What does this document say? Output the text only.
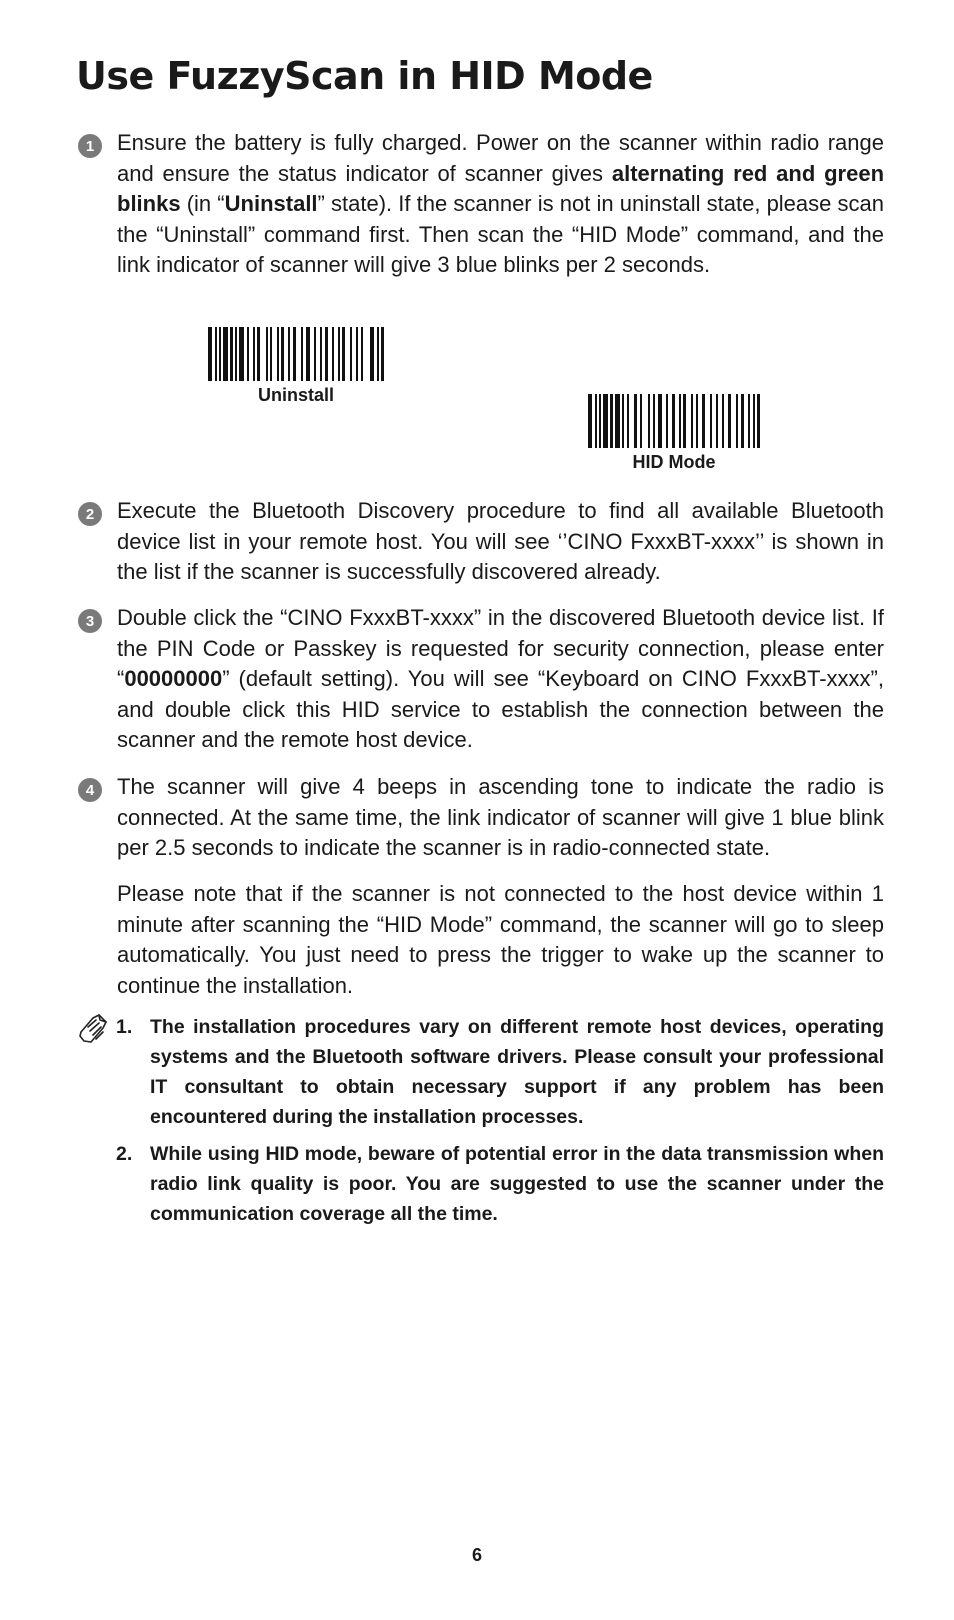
Use FuzzyScan in HID Mode
1	Ensure the battery is fully charged. Power on the scanner within radio range and ensure the status indicator of scanner gives alternating red and green blinks (in “Uninstall” state). If the scanner is not in uninstall state, please scan the “Uninstall” command first. Then scan the “HID Mode” command, and the link indicator of scanner will give 3 blue blinks per 2 seconds.

Uninstall
HID Mode
2	Execute the Bluetooth Discovery procedure to find all available Bluetooth device list in your remote host. You will see ‘’CINO FxxxBT-xxxx’’ is shown in the list if the scanner is successfully discovered already.

3	Double click the “CINO FxxxBT-xxxx” in the discovered Bluetooth device list. If the PIN Code or Passkey is requested for security connection, please enter “00000000” (default setting). You will see “Keyboard on CINO FxxxBT-xxxx”, and double click this HID service to establish the connection between the scanner and the remote host device.

4	The scanner will give 4 beeps in ascending tone to indicate the radio is connected. At the same time, the link indicator of scanner will give 1 blue blink per 2.5 seconds to indicate the scanner is in radio-connected state.

Please note that if the scanner is not connected to the host device within 1 minute after scanning the “HID Mode” command, the scanner will go to sleep automatically. You just need to press the trigger to wake up the scanner to continue the installation.

1. The installation procedures vary on different remote host devices, operating systems and the Bluetooth software drivers. Please consult your professional IT consultant to obtain necessary support if any problem has been encountered during the installation processes.
2. While using HID mode, beware of potential error in the data transmission when radio link quality is poor. You are suggested to use the scanner under the communication coverage all the time.
6
